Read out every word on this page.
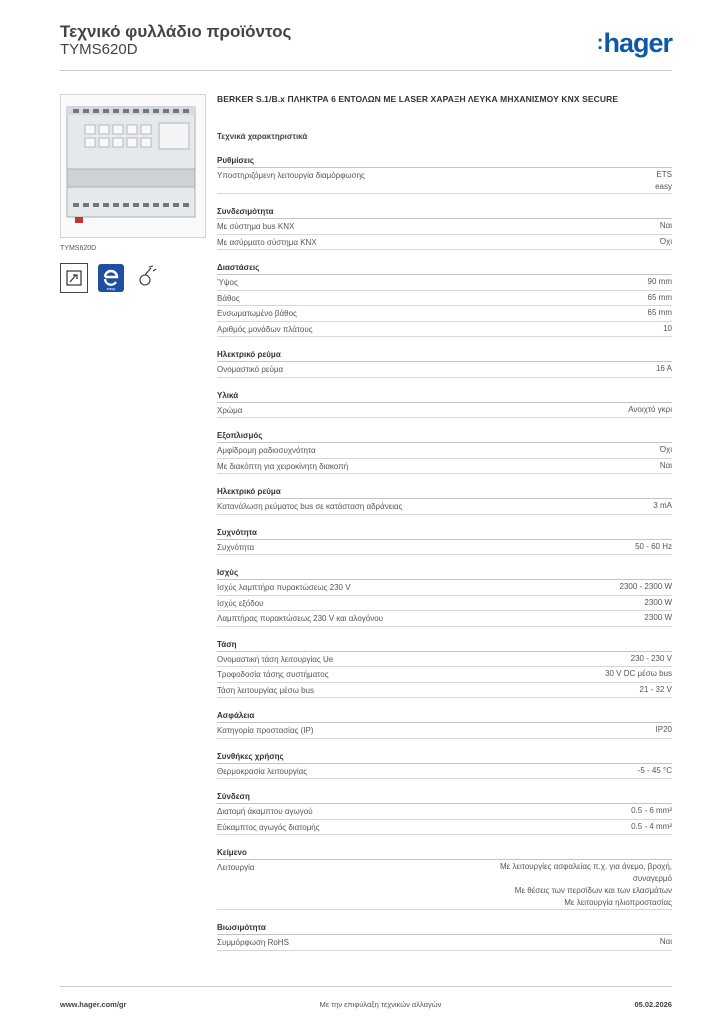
Τεχνικό φυλλάδιο προϊόντος
TYMS620D	:hager
TYMS620D
easy
BERKER S.1/B.x ΠΛΗΚΤΡΑ 6 ΕΝΤΟΛΩΝ ΜΕ LASER ΧΑΡΑΞΗ ΛΕΥΚΑ ΜΗΧΑΝΙΣΜΟΥ KNX SECURE
Τεχνικά χαρακτηριστικά
Ρυθμίσεις
Υποστηριζόμενη λειτουργία διαμόρφωσης	ETS
easy
Συνδεσιμότητα
Με σύστημα bus KNX	Ναι
Με ασύρματο σύστημα KNX	Όχι
Διαστάσεις
Ύψος	90 mm
Βάθος	65 mm
Ενσωματωμένο βάθος	65 mm
Αριθμός μονάδων πλάτους	10
Ηλεκτρικό ρεύμα
Ονομαστικό ρεύμα	16 A
Υλικά
Χρώμα	Ανοιχτό γκρι
Εξοπλισμός
Αμφίδρομη ραδιοσυχνότητα	Όχι
Με διακόπτη για χειροκίνητη διακοπή	Ναι
Ηλεκτρικό ρεύμα
Κατανάλωση ρεύματος bus σε κατάσταση αδράνειας	3 mA
Συχνότητα
Συχνότητα	50 - 60 Hz
Ισχύς
Ισχύς λαμπτήρα πυρακτώσεως 230 V	2300 - 2300 W
Ισχύς εξόδου	2300 W
Λαμπτήρας πυρακτώσεως 230 V και αλογόνου	2300 W
Τάση
Ονομαστική τάση λειτουργίας Ue	230 - 230 V
Τροφοδοσία τάσης συστήματος	30 V DC μέσω bus
Τάση λειτουργίας μέσω bus	21 - 32 V
Ασφάλεια
Κατηγορία προστασίας (IP)	IP20
Συνθήκες χρήσης
Θερμοκρασία λειτουργίας	-5 - 45 °C
Σύνδεση
Διατομή άκαμπτου αγωγού	0.5 - 6 mm²
Εύκαμπτος αγωγός διατομής	0.5 - 4 mm²
Κείμενο
Λειτουργία	Με λειτουργίες ασφαλείας π.χ. για άνεμο, βροχή,
συναγερμό
Με θέσεις των περσίδων και των ελασμάτων
Με λειτουργία ηλιοπροστασίας
Βιωσιμότητα
Συμμόρφωση RoHS	Ναι
www.hager.com/gr	Με την επιφύλαξη τεχνικών αλλαγών	05.02.2026
